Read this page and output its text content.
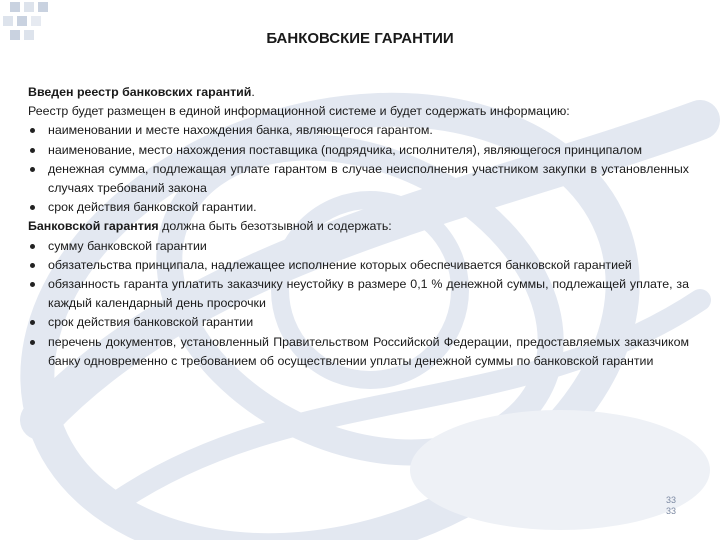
БАНКОВСКИЕ ГАРАНТИИ

Введен реестр банковских гарантий.

Реестр будет размещен в единой информационной системе и будет содержать информацию:

наименовании и месте нахождения банка, являющегося гарантом.
наименование, место нахождения поставщика (подрядчика, исполнителя), являющегося принципалом
денежная сумма, подлежащая уплате гарантом в случае неисполнения участником закупки в установленных случаях требований закона
срок действия банковской гарантии.

Банковской гарантия должна быть безотзывной и содержать:

сумму банковской гарантии
обязательства принципала, надлежащее исполнение которых обеспечивается банковской гарантией
обязанность гаранта уплатить заказчику неустойку в размере 0,1 % денежной суммы, подлежащей уплате, за каждый календарный день просрочки
срок действия банковской гарантии
перечень документов, установленный Правительством Российской Федерации, предоставляемых заказчиком банку одновременно с требованием об осуществлении уплаты денежной суммы по банковской гарантии
33
33
